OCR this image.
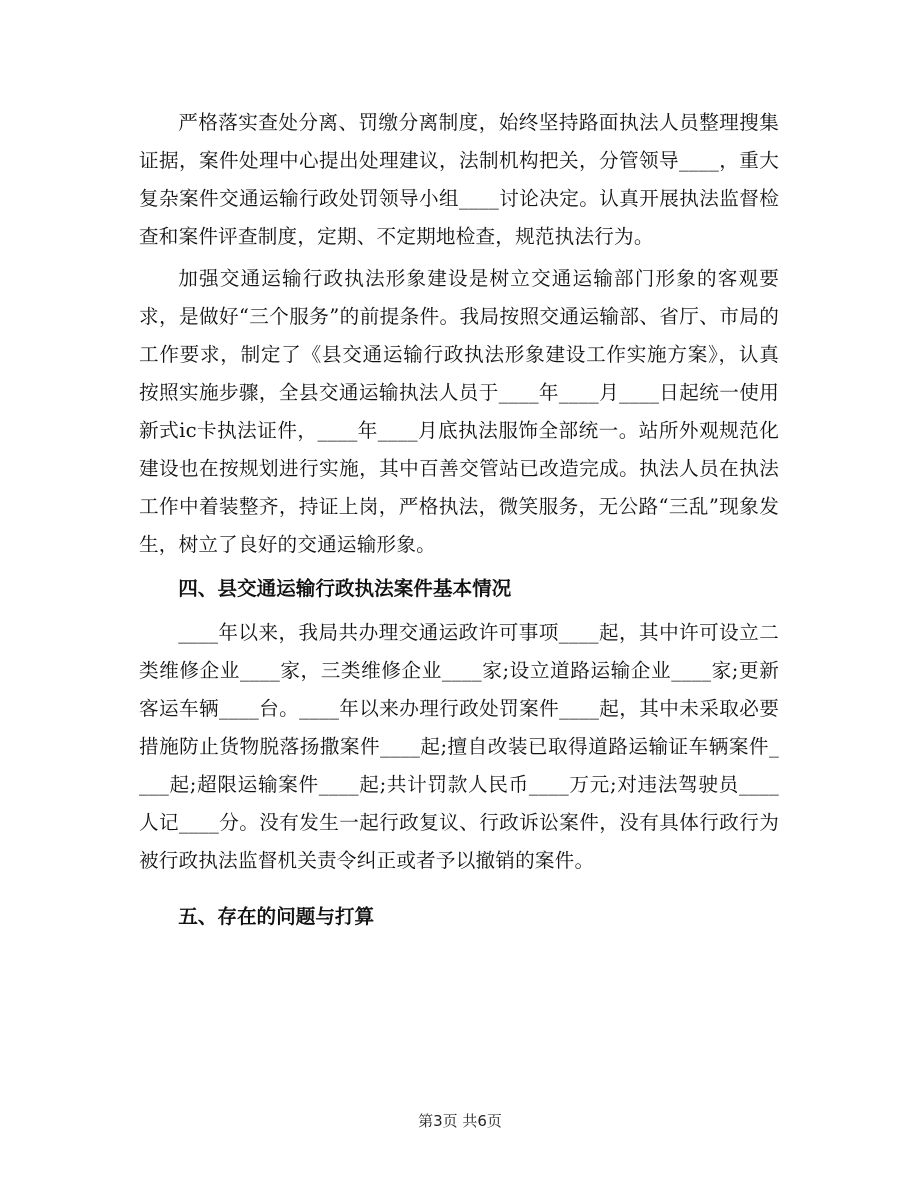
严格落实查处分离、罚缴分离制度，始终坚持路面执法人员整理搜集证据，案件处理中心提出处理建议，法制机构把关，分管领导____，重大复杂案件交通运输行政处罚领导小组____讨论决定。认真开展执法监督检查和案件评查制度，定期、不定期地检查，规范执法行为。

加强交通运输行政执法形象建设是树立交通运输部门形象的客观要求，是做好“三个服务”的前提条件。我局按照交通运输部、省厅、市局的工作要求，制定了《县交通运输行政执法形象建设工作实施方案》，认真按照实施步骤，全县交通运输执法人员于____年____月____日起统一使用新式ic卡执法证件，____年____月底执法服饰全部统一。站所外观规范化建设也在按规划进行实施，其中百善交管站已改造完成。执法人员在执法工作中着装整齐，持证上岗，严格执法，微笑服务，无公路“三乱”现象发生，树立了良好的交通运输形象。

四、县交通运输行政执法案件基本情况

____年以来，我局共办理交通运政许可事项____起，其中许可设立二类维修企业____家，三类维修企业____家;设立道路运输企业____家;更新客运车辆____台。____年以来办理行政处罚案件____起，其中未采取必要措施防止货物脱落扬撒案件____起;擅自改装已取得道路运输证车辆案件____起;超限运输案件____起;共计罚款人民币____万元;对违法驾驶员____人记____分。没有发生一起行政复议、行政诉讼案件，没有具体行政行为被行政执法监督机关责令纠正或者予以撤销的案件。

五、存在的问题与打算

第3页 共6页
